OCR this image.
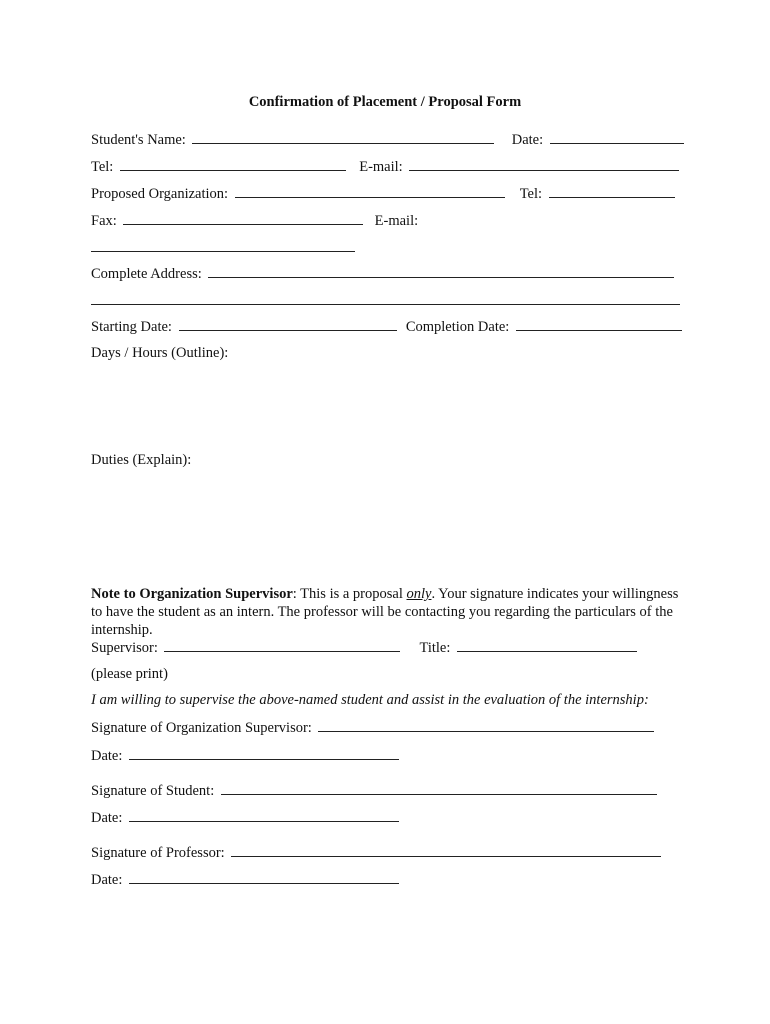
Confirmation of Placement / Proposal Form
Student's Name:	Date:
Tel:	E-mail:
Proposed Organization:	Tel:
Fax:	E-mail:
Complete Address:
Starting Date:	Completion Date:
Days / Hours (Outline):
Duties (Explain):
Note to Organization Supervisor: This is a proposal only. Your signature indicates your willingness to have the student as an intern. The professor will be contacting you regarding the particulars of the internship.
Supervisor:	Title:
(please print)
I am willing to supervise the above-named student and assist in the evaluation of the internship:
Signature of Organization Supervisor:
Date:
Signature of Student:
Date:
Signature of Professor:
Date:
